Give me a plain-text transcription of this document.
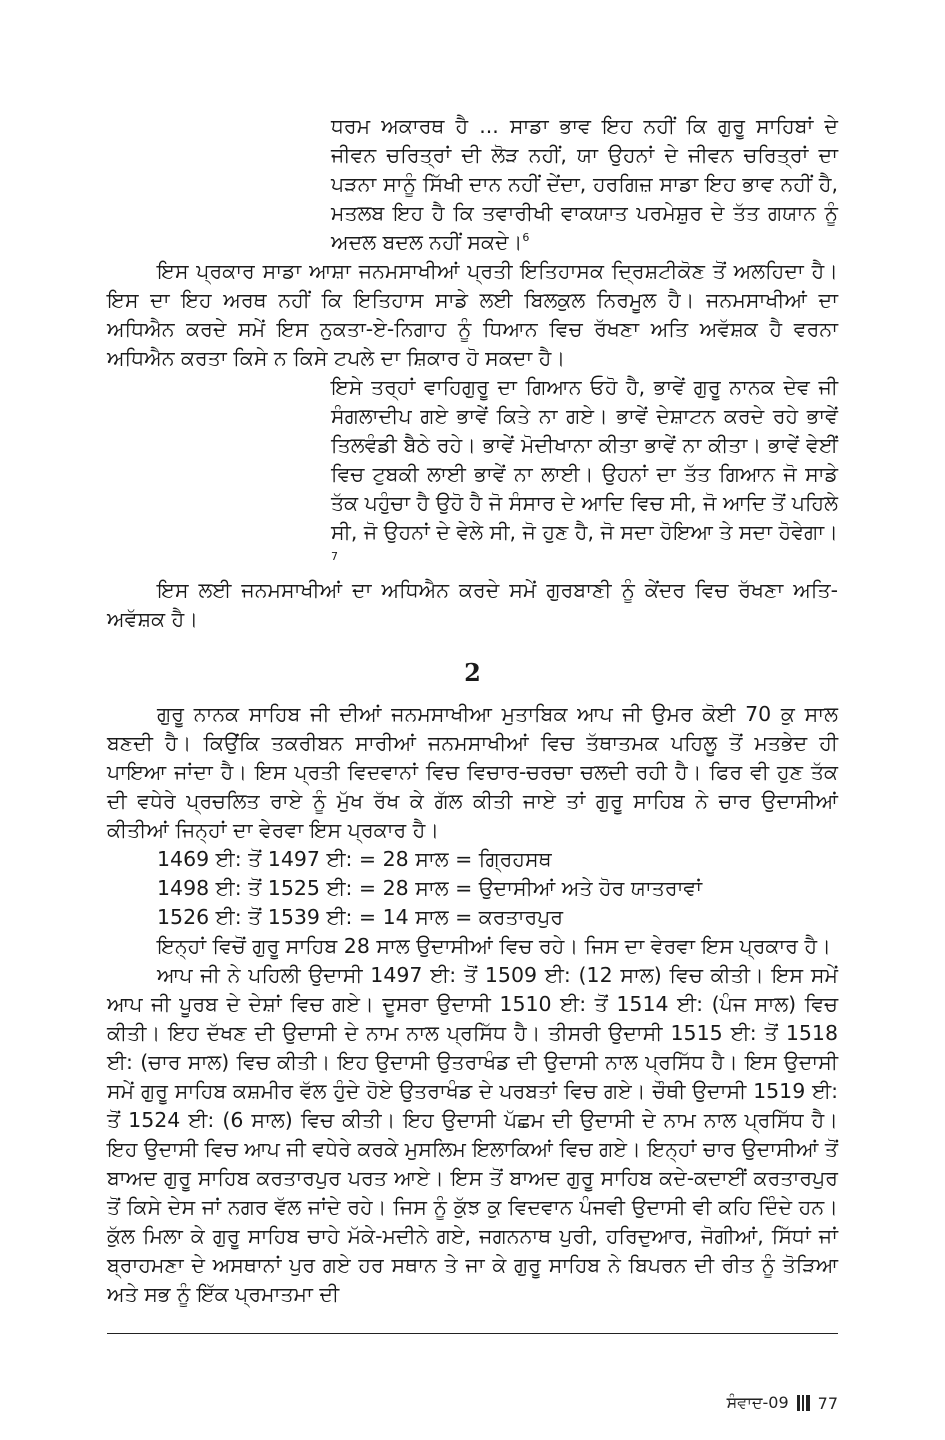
ਧਰਮ ਅਕਾਰਥ ਹੈ ... ਸਾਡਾ ਭਾਵ ਇਹ ਨਹੀਂ ਕਿ ਗੁਰੂ ਸਾਹਿਬਾਂ ਦੇ ਜੀਵਨ ਚਰਿਤ੍ਰਾਂ ਦੀ ਲੋੜ ਨਹੀਂ, ਯਾ ਉਹਨਾਂ ਦੇ ਜੀਵਨ ਚਰਿਤ੍ਰਾਂ ਦਾ ਪੜਨਾ ਸਾਨੂੰ ਸਿੱਖੀ ਦਾਨ ਨਹੀਂ ਦੇਂਦਾ, ਹਰਗਿਜ਼ ਸਾਡਾ ਇਹ ਭਾਵ ਨਹੀਂ ਹੈ, ਮਤਲਬ ਇਹ ਹੈ ਕਿ ਤਵਾਰੀਖੀ ਵਾਕਯਾਤ ਪਰਮੇਸ਼ੁਰ ਦੇ ਤੱਤ ਗਯਾਨ ਨੂੰ ਅਦਲ ਬਦਲ ਨਹੀਂ ਸਕਦੇ।$^6$

ਇਸ ਪ੍ਰਕਾਰ ਸਾਡਾ ਆਸ਼ਾ ਜਨਮਸਾਖੀਆਂ ਪ੍ਰਤੀ ਇਤਿਹਾਸਕ ਦ੍ਰਿਸ਼ਟੀਕੋਣ ਤੋਂ ਅਲਹਿਦਾ ਹੈ। ਇਸ ਦਾ ਇਹ ਅਰਥ ਨਹੀਂ ਕਿ ਇਤਿਹਾਸ ਸਾਡੇ ਲਈ ਬਿਲਕੁਲ ਨਿਰਮੂਲ ਹੈ। ਜਨਮਸਾਖੀਆਂ ਦਾ ਅਧਿਐਨ ਕਰਦੇ ਸਮੇਂ ਇਸ ਨੁਕਤਾ-ਏ-ਨਿਗਾਹ ਨੂੰ ਧਿਆਨ ਵਿਚ ਰੱਖਣਾ ਅਤਿ ਅਵੱਸ਼ਕ ਹੈ ਵਰਨਾ ਅਧਿਐਨ ਕਰਤਾ ਕਿਸੇ ਨ ਕਿਸੇ ਟਪਲੇ ਦਾ ਸ਼ਿਕਾਰ ਹੋ ਸਕਦਾ ਹੈ।

ਇਸੇ ਤਰ੍ਹਾਂ ਵਾਹਿਗੁਰੂ ਦਾ ਗਿਆਨ ਓਹੋ ਹੈ, ਭਾਵੇਂ ਗੁਰੂ ਨਾਨਕ ਦੇਵ ਜੀ ਸੰਗਲਾਦੀਪ ਗਏ ਭਾਵੇਂ ਕਿਤੇ ਨਾ ਗਏ। ਭਾਵੇਂ ਦੇਸ਼ਾਟਨ ਕਰਦੇ ਰਹੇ ਭਾਵੇਂ ਤਿਲਵੰਡੀ ਬੈਠੇ ਰਹੇ। ਭਾਵੇਂ ਮੋਦੀਖਾਨਾ ਕੀਤਾ ਭਾਵੇਂ ਨਾ ਕੀਤਾ। ਭਾਵੇਂ ਵੇਈਂ ਵਿਚ ਟੁਬਕੀ ਲਾਈ ਭਾਵੇਂ ਨਾ ਲਾਈ। ਉਹਨਾਂ ਦਾ ਤੱਤ ਗਿਆਨ ਜੋ ਸਾਡੇ ਤੱਕ ਪਹੁੰਚਾ ਹੈ ਉਹੋ ਹੈ ਜੋ ਸੰਸਾਰ ਦੇ ਆਦਿ ਵਿਚ ਸੀ, ਜੋ ਆਦਿ ਤੋਂ ਪਹਿਲੇ ਸੀ, ਜੋ ਉਹਨਾਂ ਦੇ ਵੇਲੇ ਸੀ, ਜੋ ਹੁਣ ਹੈ, ਜੋ ਸਦਾ ਹੋਇਆ ਤੇ ਸਦਾ ਹੋਵੇਗਾ।$^7$

ਇਸ ਲਈ ਜਨਮਸਾਖੀਆਂ ਦਾ ਅਧਿਐਨ ਕਰਦੇ ਸਮੇਂ ਗੁਰਬਾਣੀ ਨੂੰ ਕੇਂਦਰ ਵਿਚ ਰੱਖਣਾ ਅਤਿ-ਅਵੱਸ਼ਕ ਹੈ।

2

ਗੁਰੂ ਨਾਨਕ ਸਾਹਿਬ ਜੀ ਦੀਆਂ ਜਨਮਸਾਖੀਆ ਮੁਤਾਬਿਕ ਆਪ ਜੀ ਉਮਰ ਕੋਈ 70 ਕੁ ਸਾਲ ਬਣਦੀ ਹੈ। ਕਿਉਂਕਿ ਤਕਰੀਬਨ ਸਾਰੀਆਂ ਜਨਮਸਾਖੀਆਂ ਵਿਚ ਤੱਥਾਤਮਕ ਪਹਿਲੂ ਤੋਂ ਮਤਭੇਦ ਹੀ ਪਾਇਆ ਜਾਂਦਾ ਹੈ। ਇਸ ਪ੍ਰਤੀ ਵਿਦਵਾਨਾਂ ਵਿਚ ਵਿਚਾਰ-ਚਰਚਾ ਚਲਦੀ ਰਹੀ ਹੈ। ਫਿਰ ਵੀ ਹੁਣ ਤੱਕ ਦੀ ਵਧੇਰੇ ਪ੍ਰਚਲਿਤ ਰਾਏ ਨੂੰ ਮੁੱਖ ਰੱਖ ਕੇ ਗੱਲ ਕੀਤੀ ਜਾਏ ਤਾਂ ਗੁਰੂ ਸਾਹਿਬ ਨੇ ਚਾਰ ਉਦਾਸੀਆਂ ਕੀਤੀਆਂ ਜਿਨ੍ਹਾਂ ਦਾ ਵੇਰਵਾ ਇਸ ਪ੍ਰਕਾਰ ਹੈ।

1469 ਈ: ਤੋਂ 1497 ਈ: = 28 ਸਾਲ = ਗ੍ਰਿਹਸਥ

1498 ਈ: ਤੋਂ 1525 ਈ: = 28 ਸਾਲ = ਉਦਾਸੀਆਂ ਅਤੇ ਹੋਰ ਯਾਤਰਾਵਾਂ

1526 ਈ: ਤੋਂ 1539 ਈ: = 14 ਸਾਲ = ਕਰਤਾਰਪੁਰ

ਇਨ੍ਹਾਂ ਵਿਚੋਂ ਗੁਰੂ ਸਾਹਿਬ 28 ਸਾਲ ਉਦਾਸੀਆਂ ਵਿਚ ਰਹੇ। ਜਿਸ ਦਾ ਵੇਰਵਾ ਇਸ ਪ੍ਰਕਾਰ ਹੈ।

ਆਪ ਜੀ ਨੇ ਪਹਿਲੀ ਉਦਾਸੀ 1497 ਈ: ਤੋਂ 1509 ਈ: (12 ਸਾਲ) ਵਿਚ ਕੀਤੀ। ਇਸ ਸਮੇਂ ਆਪ ਜੀ ਪੂਰਬ ਦੇ ਦੇਸ਼ਾਂ ਵਿਚ ਗਏ। ਦੂਸਰਾ ਉਦਾਸੀ 1510 ਈ: ਤੋਂ 1514 ਈ: (ਪੰਜ ਸਾਲ) ਵਿਚ ਕੀਤੀ। ਇਹ ਦੱਖਣ ਦੀ ਉਦਾਸੀ ਦੇ ਨਾਮ ਨਾਲ ਪ੍ਰਸਿੱਧ ਹੈ। ਤੀਸਰੀ ਉਦਾਸੀ 1515 ਈ: ਤੋਂ 1518 ਈ: (ਚਾਰ ਸਾਲ) ਵਿਚ ਕੀਤੀ। ਇਹ ਉਦਾਸੀ ਉਤਰਾਖੰਡ ਦੀ ਉਦਾਸੀ ਨਾਲ ਪ੍ਰਸਿੱਧ ਹੈ। ਇਸ ਉਦਾਸੀ ਸਮੇਂ ਗੁਰੂ ਸਾਹਿਬ ਕਸ਼ਮੀਰ ਵੱਲ ਹੁੰਦੇ ਹੋਏ ਉਤਰਾਖੰਡ ਦੇ ਪਰਬਤਾਂ ਵਿਚ ਗਏ। ਚੌਥੀ ਉਦਾਸੀ 1519 ਈ: ਤੋਂ 1524 ਈ: (6 ਸਾਲ) ਵਿਚ ਕੀਤੀ। ਇਹ ਉਦਾਸੀ ਪੱਛਮ ਦੀ ਉਦਾਸੀ ਦੇ ਨਾਮ ਨਾਲ ਪ੍ਰਸਿੱਧ ਹੈ। ਇਹ ਉਦਾਸੀ ਵਿਚ ਆਪ ਜੀ ਵਧੇਰੇ ਕਰਕੇ ਮੁਸਲਿਮ ਇਲਾਕਿਆਂ ਵਿਚ ਗਏ। ਇਨ੍ਹਾਂ ਚਾਰ ਉਦਾਸੀਆਂ ਤੋਂ ਬਾਅਦ ਗੁਰੂ ਸਾਹਿਬ ਕਰਤਾਰਪੁਰ ਪਰਤ ਆਏ। ਇਸ ਤੋਂ ਬਾਅਦ ਗੁਰੂ ਸਾਹਿਬ ਕਦੇ-ਕਦਾਈਂ ਕਰਤਾਰਪੁਰ ਤੋਂ ਕਿਸੇ ਦੇਸ ਜਾਂ ਨਗਰ ਵੱਲ ਜਾਂਦੇ ਰਹੇ। ਜਿਸ ਨੂੰ ਕੁੱਝ ਕੁ ਵਿਦਵਾਨ ਪੰਜਵੀ ਉਦਾਸੀ ਵੀ ਕਹਿ ਦਿੰਦੇ ਹਨ। ਕੁੱਲ ਮਿਲਾ ਕੇ ਗੁਰੂ ਸਾਹਿਬ ਚਾਹੇ ਮੱਕੇ-ਮਦੀਨੇ ਗਏ, ਜਗਨਨਾਥ ਪੁਰੀ, ਹਰਿਦੁਆਰ, ਜੋਗੀਆਂ, ਸਿੱਧਾਂ ਜਾਂ ਬ੍ਰਾਹਮਣਾ ਦੇ ਅਸਥਾਨਾਂ ਪੁਰ ਗਏ ਹਰ ਸਥਾਨ ਤੇ ਜਾ ਕੇ ਗੁਰੂ ਸਾਹਿਬ ਨੇ ਬਿਪਰਨ ਦੀ ਰੀਤ ਨੂੰ ਤੋੜਿਆ ਅਤੇ ਸਭ ਨੂੰ ਇੱਕ ਪ੍ਰਮਾਤਮਾ ਦੀ

ਸੰਵਾਦ-09 77
